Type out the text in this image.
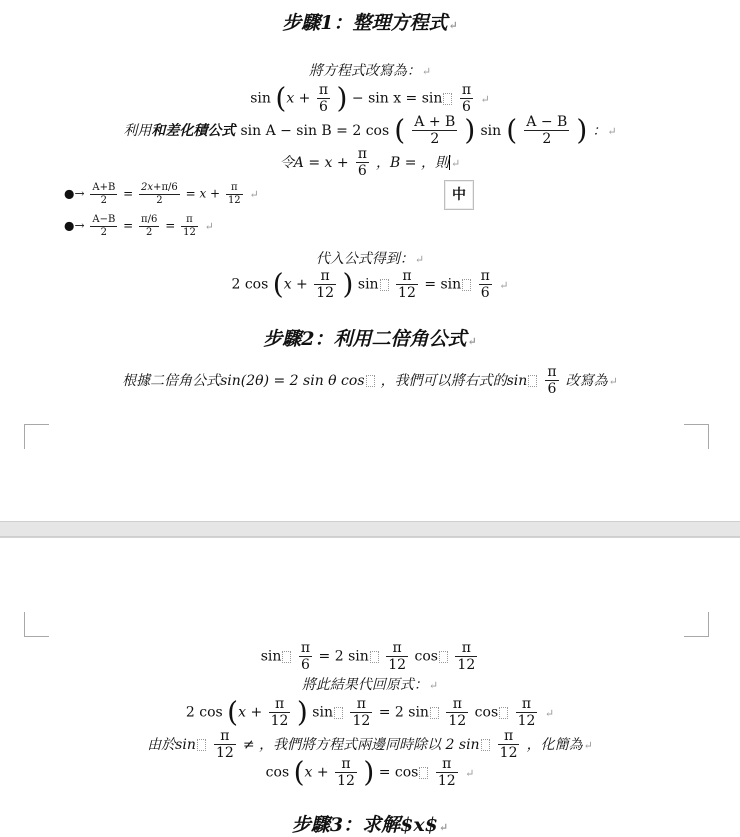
步驟1：整理方程式↵
將方程式改寫為：↵
$\sin (x + \frac{\pi}{6}$ ) − $\sin x = \sin \frac{\pi}{6}$ ↵
利用和差化積公式 sin A − sin B = 2 cos ( $\frac{A + B}{2}$ ) sin ( $\frac{A - B}{2}$ ) ：↵
令$A = x + \frac{\pi}{6}$ ，B = ，則 ↵
中
●→ $\frac{A+B}{2} = \frac{2x+\pi/6}{2} = x + \frac{\pi}{12}$ ↵
●→ $\frac{A-B}{2} = \frac{\pi/6}{2} = \frac{\pi}{12}$ ↵
代入公式得到：↵
2 $\cos (x + \frac{\pi}{12}$ ) $\sin \frac{\pi}{12} = \sin \frac{\pi}{6}$ ↵
步驟2：利用二倍角公式↵
根據二倍角公式sin(2θ) = 2 sin θ cos ，我們可以將右式的$\sin \frac{\pi}{6}$ 改寫為↵
$\sin \frac{\pi}{6} = 2$ $\sin \frac{\pi}{12}$ $\cos \frac{\pi}{12}$
將此結果代回原式：↵
2 $\cos (x + \frac{\pi}{12}$ ) $\sin \frac{\pi}{12} = 2$ $\sin \frac{\pi}{12}$ $\cos \frac{\pi}{12}$ ↵
由於$\sin \frac{\pi}{12}$ ≠ ，我們將方程式兩邊同時除以 2 $\sin \frac{\pi}{12}$ ，化簡為↵
$\cos (x + \frac{\pi}{12}$ ) = $\cos \frac{\pi}{12}$ ↵
步驟3：求解$x$↵
